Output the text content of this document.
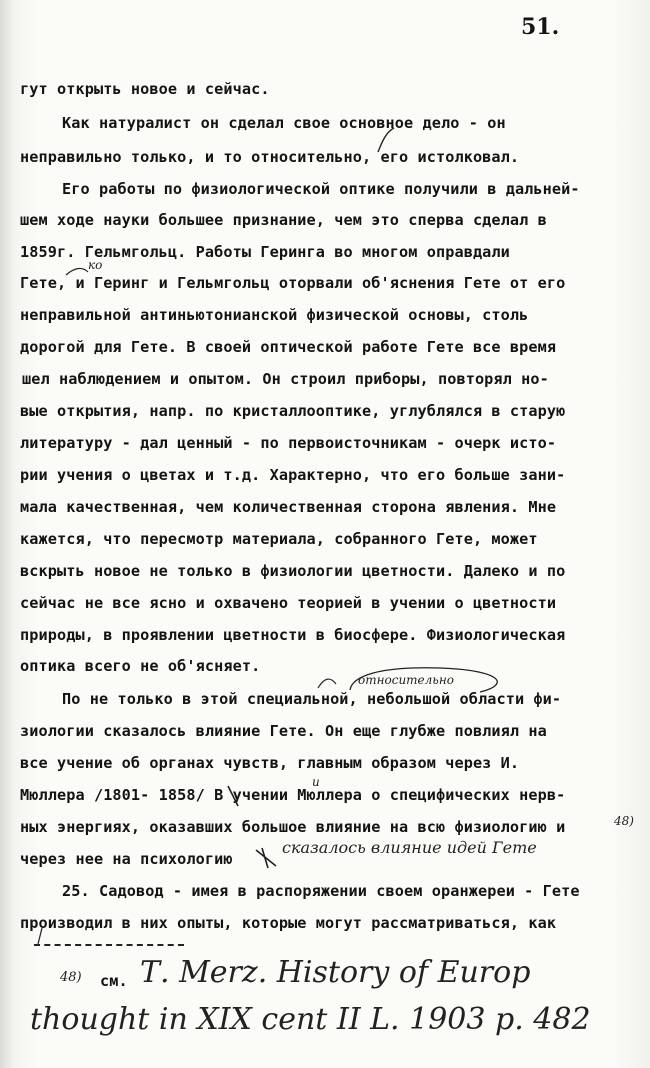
51.
гут открыть новое и сейчас.
Как натуралист он сделал свое основное дело - он
неправильно только, и то относительно, его истолковал.
Его работы по физиологической оптике получили в дальней-
шем ходе науки большее признание, чем это сперва сделал в
1859г. Гельмгольц. Работы Геринга во многом оправдали
Гете, и Геринг и Гельмгольц оторвали об'яснения Гете от его
неправильной антиньютонианской физической основы, столь
дорогой для Гете. В своей оптической работе Гете все время
шел наблюдением и опытом. Он строил приборы, повторял но-
вые открытия, напр. по кристаллооптике, углублялся в старую
литературу - дал ценный - по первоисточникам - очерк исто-
рии учения о цветах и т.д. Характерно, что его больше зани-
мала качественная, чем количественная сторона явления. Мне
кажется, что пересмотр материала, собранного Гете, может
вскрыть новое не только в физиологии цветности. Далеко и по
сейчас не все ясно и охвачено теорией в учении о цветности
природы, в проявлении цветности в биосфере. Физиологическая
оптика всего не об'ясняет.
По не только в этой специальной, небольшой области фи-
зиологии сказалось влияние Гете. Он еще глубже повлиял на
все учение об органах чувств, главным образом через И.
Мюллера /1801- 1858/ В учении Мюллера о специфических нерв-
ных энергиях, оказавших большое влияние на всю физиологию и
через нее на психологию
25. Садовод - имея в распоряжении своем оранжереи - Гете
производил в них опыты, которые могут рассматриваться, как
ко
и
относительно
48)
сказалось влияние идей Гете
48) см. Т. Merz. History of Europ
thought in XIX cent II L. 1903 p. 482
